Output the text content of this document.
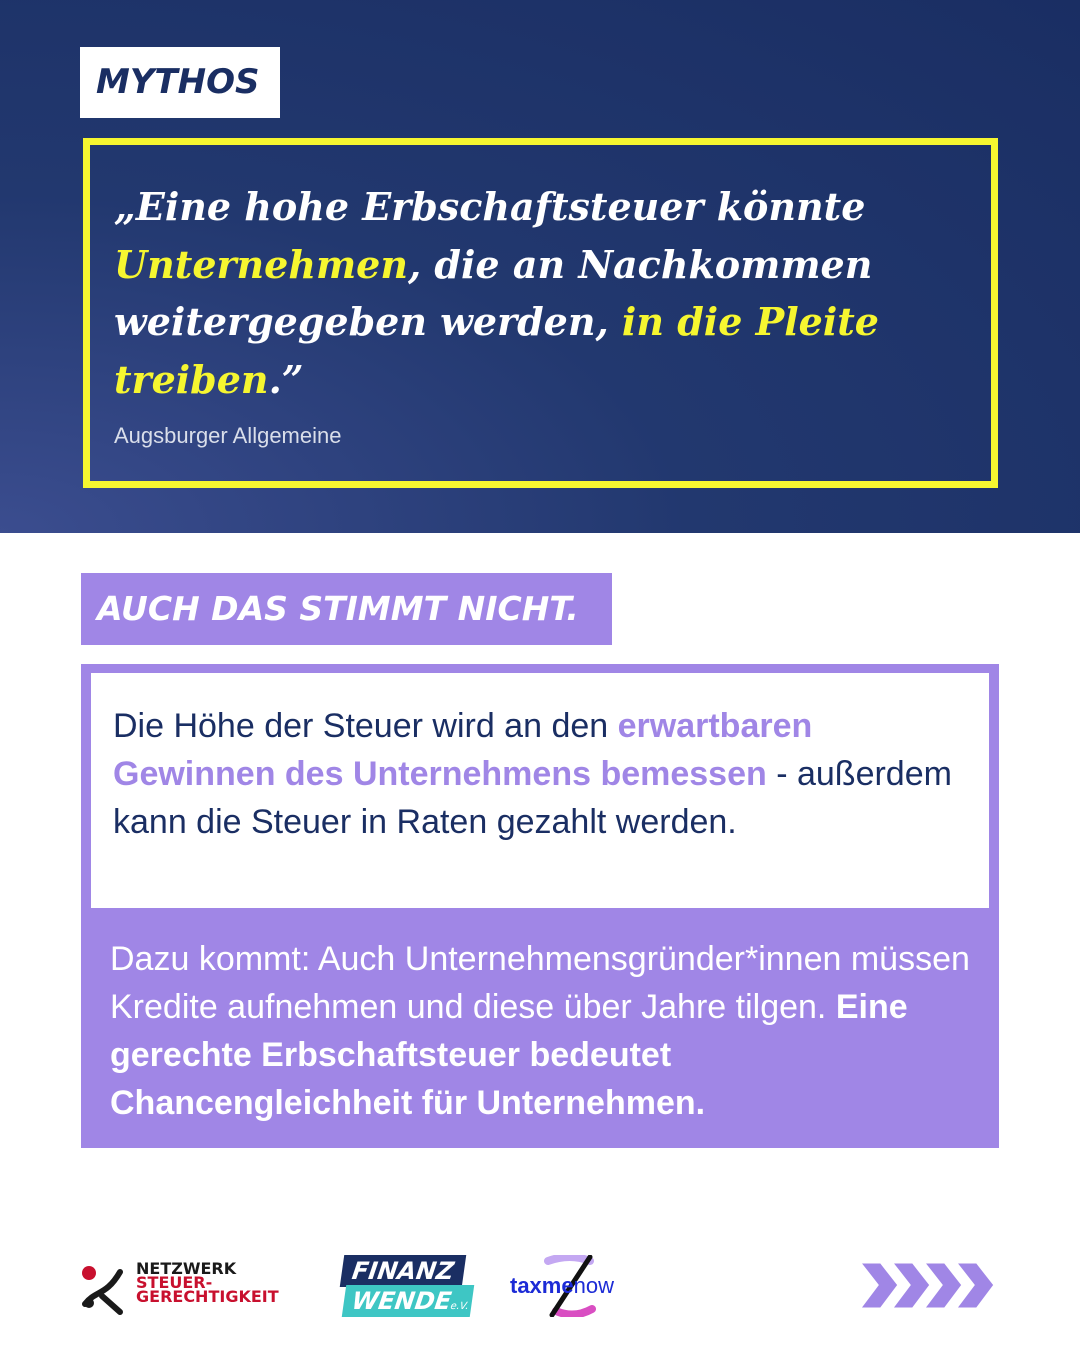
MYTHOS
„Eine hohe Erbschaftsteuer könnte Unternehmen, die an Nachkommen weitergegeben werden, in die Pleite treiben.”
Augsburger Allgemeine
AUCH DAS STIMMT NICHT.
Die Höhe der Steuer wird an den erwartbaren Gewinnen des Unternehmens bemessen - außerdem kann die Steuer in Raten gezahlt werden.
Dazu kommt: Auch Unternehmensgründer*innen müssen Kredite aufnehmen und diese über Jahre tilgen. Eine gerechte Erbschaftsteuer bedeutet Chancengleichheit für Unternehmen.
NETZWERK
STEUER-
GERECHTIGKEIT
FINANZ
WENDEe.V.
taxmenow
